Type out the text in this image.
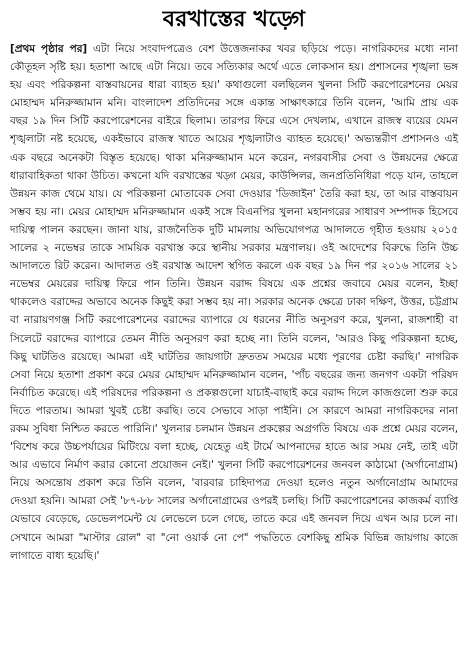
বরখাস্তের খড়্গে

[প্রথম পৃষ্ঠার পর] এটা নিয়ে সংবাদপত্রেও বেশ উত্তেজনাকর খবর ছড়িয়ে পড়ে। নাগরিকদের মধ্যে নানা কৌতূহল সৃষ্টি হয়। হতাশা আছে এটা নিয়ে। তবে সত্যিকার অর্থে এতে লোকসান হয়। প্রশাসনের শৃঙ্খলা ভঙ্গ হয় এবং পরিকল্পনা বাস্তবায়নের ধারা ব্যাহত হয়।' কথাগুলো বলছিলেন খুলনা সিটি করপোরেশনের মেয়র মোহাম্মদ মনিরুজ্জামান মনি। বাংলাদেশ প্রতিদিনের সঙ্গে একান্ত সাক্ষাৎকারে তিনি বলেন, 'আমি প্রায় এক বছর ১৯ দিন সিটি করপোরেশনের বাইরে ছিলাম। তারপর ফিরে এসে দেখলাম, এখানে রাজস্ব ব্যয়ের যেমন শৃঙ্খলাটা নষ্ট হয়েছে, একইভাবে রাজস্ব খাতে আয়ের শৃঙ্খলাটাও ব্যাহত হয়েছে।' অভ্যন্তরীণ প্রশাসনও এই এক বছরে অনেকটা বিস্তৃত হয়েছে। থাকা মনিরুজ্জামান মনে করেন, নগরবাসীর সেবা ও উন্নয়নের ক্ষেত্রে ধারাবাহিকতা থাকা উচিত। কখনো যদি বরখাস্তের খড়্গ মেয়র, কাউন্সিলর, জনপ্রতিনিধিরা পড়ে যান, তাহলে উন্নয়ন কাজ থেমে যায়। যে পরিকল্পনা মোতাবেক সেবা দেওয়ার 'ডিজাইন' তৈরি করা হয়, তা আর বাস্তবায়ন সম্ভব হয় না। মেয়র মোহাম্মদ মনিরুজ্জামান একই সঙ্গে বিএনপির খুলনা মহানগরের সাধারণ সম্পাদক হিসেবে দায়িত্ব পালন করছেন। জানা যায়, রাজনৈতিক দুটি মামলায় অভিযোগপত্র আদালতে গৃহীত হওয়ায় ২০১৫ সালের ২ নভেম্বর তাকে সাময়িক বরখাস্ত করে স্থানীয় সরকার মন্ত্রণালয়। ওই আদেশের বিরুদ্ধে তিনি উচ্চ আদালতে রিট করেন। আদালত ওই বরখাস্ত আদেশ স্থগিত করলে এক বছর ১৯ দিন পর ২০১৬ সালের ২১ নভেম্বর মেয়রের দায়িত্ব ফিরে পান তিনি। উন্নয়ন বরাদ্দ বিষয়ে এক প্রশ্নের জবাবে মেয়র বলেন, ইচ্ছা থাকলেও বরাদ্দের অভাবে অনেক কিছুই করা সম্ভব হয় না। সরকার অনেক ক্ষেত্রে ঢাকা দক্ষিণ, উত্তর, চট্টগ্রাম বা নারায়ণগঞ্জ সিটি করপোরেশনের বরাদ্দের ব্যাপারে যে ধরনের নীতি অনুসরণ করে, খুলনা, রাজশাহী বা সিলেটে বরাদ্দের ব্যাপারে তেমন নীতি অনুসরণ করা হচ্ছে না। তিনি বলেন, 'আরও কিছু পরিকল্পনা হচ্ছে, কিছু ঘাটতিও রয়েছে। আমরা এই ঘাটতির জায়গাটা দ্রুততম সময়ের মধ্যে পূরণের চেষ্টা করছি।' নাগরিক সেবা নিয়ে হতাশা প্রকাশ করে মেয়র মোহাম্মদ মনিরুজ্জামান বলেন, 'পাঁচ বছরের জন্য জনগণ একটা পরিষদ নির্বাচিত করেছে। এই পরিষদের পরিকল্পনা ও প্রকল্পগুলো যাচাই-বাছাই করে বরাদ্দ দিলে কাজগুলো শুরু করে দিতে পারতাম। আমরা খুবই চেষ্টা করছি। তবে সেভাবে সাড়া পাইনি। সে কারণে আমরা নাগরিকদের নানা রকম সুবিধা নিশ্চিত করতে পারিনি।' খুলনার চলমান উন্নয়ন প্রকল্পের অগ্রগতি বিষয়ে এক প্রশ্নে মেয়র বলেন, 'বিশেষ করে উচ্চপর্যায়ের মিটিংয়ে বলা হচ্ছে, যেহেতু এই টার্মে আপনাদের হাতে আর সময় নেই, তাই এটা আর এভাবে নির্মাণ করার কোনো প্রয়োজন নেই।' খুলনা সিটি করপোরেশনের জনবল কাঠামো (অর্গানোগ্রাম) নিয়ে অসন্তোষ প্রকাশ করে তিনি বলেন, 'বারবার চাহিদাপত্র দেওয়া হলেও নতুন অর্গানোগ্রাম আমাদের দেওয়া হয়নি। আমরা সেই '৮৭-৮৮ সালের অর্গানোগ্রামের ওপরই চলছি। সিটি করপোরেশনের কাজকর্ম ব্যাপ্তি যেভাবে বেড়েছে, ডেভেলপমেন্ট যে লেভেলে চলে গেছে, তাতে করে এই জনবল দিয়ে এখন আর চলে না। সেখানে আমরা "মাস্টার রোল" বা "নো ওয়ার্ক নো পে" পদ্ধতিতে বেশকিছু শ্রমিক বিভিন্ন জায়গায় কাজে লাগাতে বাধ্য হয়েছি।'
